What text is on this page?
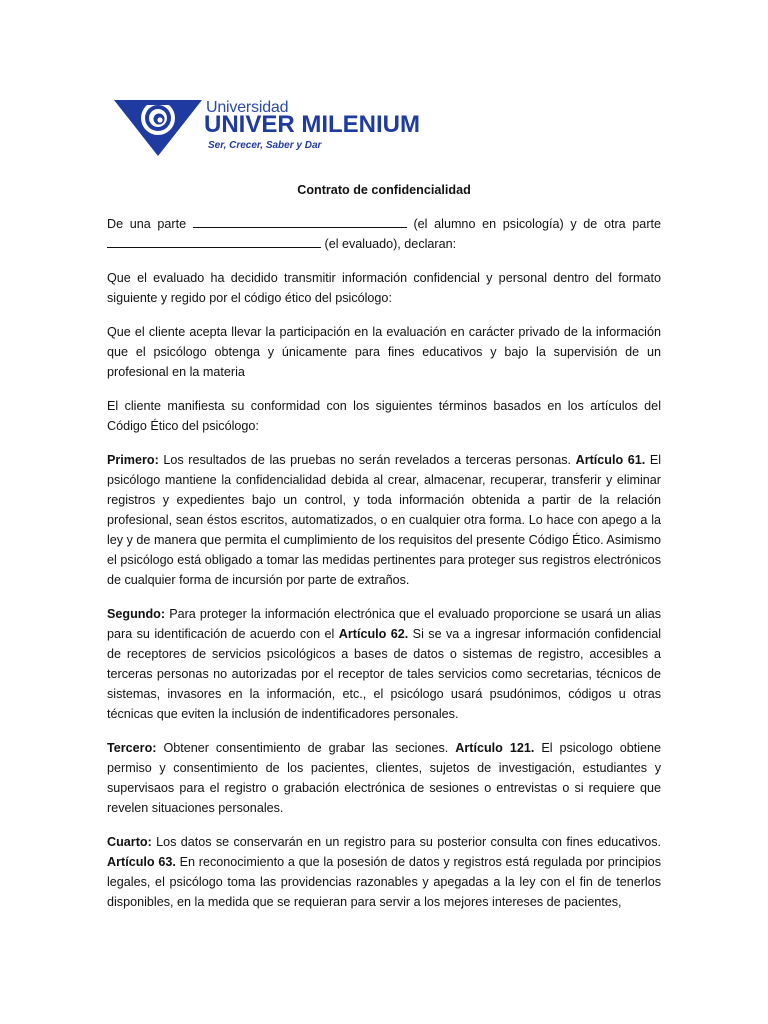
Universidad
UNIVER MILENIUM
Ser, Crecer, Saber y Dar

Contrato de confidencialidad

De una parte	(el alumno en psicología) y de otra parte  (el evaluado), declaran:

Que el evaluado ha decidido transmitir información confidencial y personal dentro del formato siguiente y regido por el código ético del psicólogo:

Que el cliente acepta llevar la participación en la evaluación en carácter privado de la información que el psicólogo obtenga y únicamente para fines educativos y bajo la supervisión de un profesional en la materia

El cliente manifiesta su conformidad con los siguientes términos basados en los artículos del Código Ético del psicólogo:

Primero: Los resultados de las pruebas no serán revelados a terceras personas. Artículo 61. El psicólogo mantiene la confidencialidad debida al crear, almacenar, recuperar, transferir y eliminar registros y expedientes bajo un control, y toda información obtenida a partir de la relación profesional, sean éstos escritos, automatizados, o en cualquier otra forma. Lo hace con apego a la ley y de manera que permita el cumplimiento de los requisitos del presente Código Ético. Asimismo el psicólogo está obligado a tomar las medidas pertinentes para proteger sus registros electrónicos de cualquier forma de incursión por parte de extraños.

Segundo: Para proteger la información electrónica que el evaluado proporcione se usará un alias para su identificación de acuerdo con el Artículo 62. Si se va a ingresar información confidencial de receptores de servicios psicológicos a bases de datos o sistemas de registro, accesibles a terceras personas no autorizadas por el receptor de tales servicios como secretarias, técnicos de sistemas, invasores en la información, etc., el psicólogo usará psudónimos, códigos u otras técnicas que eviten la inclusión de indentificadores personales.

Tercero: Obtener consentimiento de grabar las seciones. Artículo 121. El psicologo obtiene permiso y consentimiento de los pacientes, clientes, sujetos de investigación, estudiantes y supervisaos para el registro o grabación electrónica de sesiones o entrevistas o si requiere que revelen situaciones personales.

Cuarto: Los datos se conservarán en un registro para su posterior consulta con fines educativos. Artículo 63. En reconocimiento a que la posesión de datos y registros está regulada por principios legales, el psicólogo toma las providencias razonables y apegadas a la ley con el fin de tenerlos disponibles, en la medida que se requieran para servir a los mejores intereses de pacientes,
